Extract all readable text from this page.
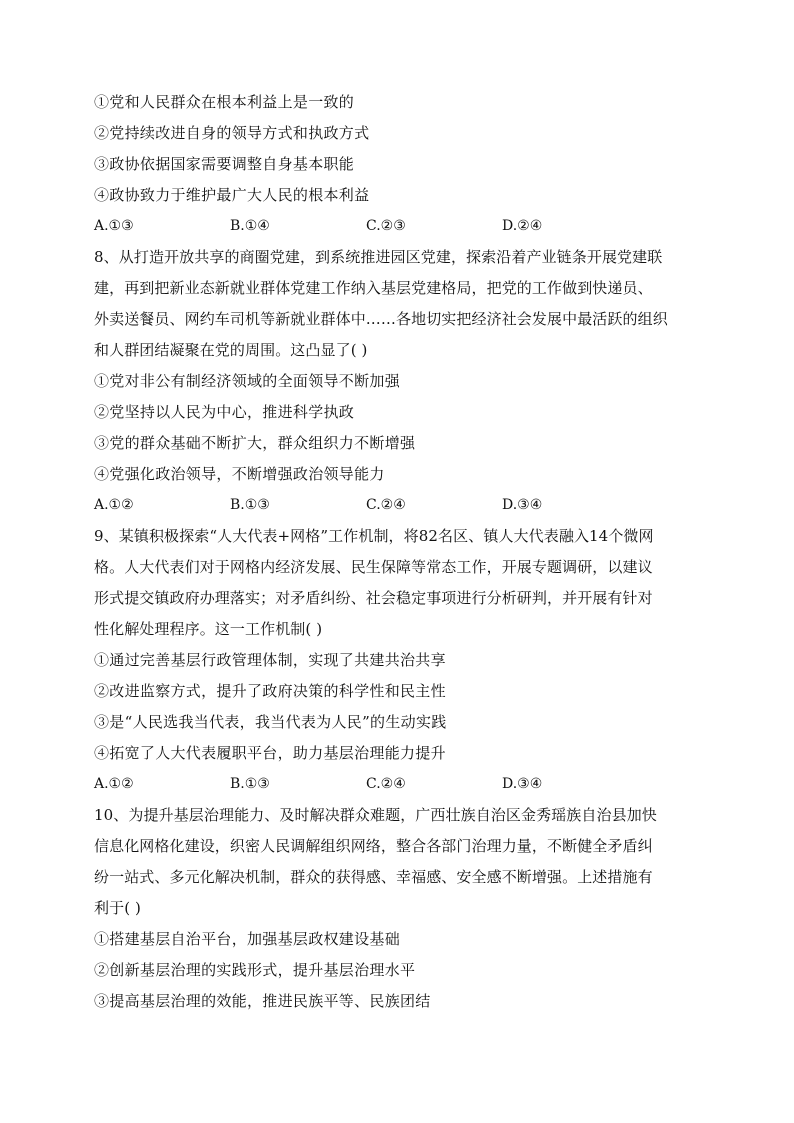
①党和人民群众在根本利益上是一致的
②党持续改进自身的领导方式和执政方式
③政协依据国家需要调整自身基本职能
④政协致力于维护最广大人民的根本利益
A.①③	B.①④	C.②③	D.②④
8、从打造开放共享的商圈党建，到系统推进园区党建，探索沿着产业链条开展党建联
建，再到把新业态新就业群体党建工作纳入基层党建格局，把党的工作做到快递员、
外卖送餐员、网约车司机等新就业群体中……各地切实把经济社会发展中最活跃的组织
和人群团结凝聚在党的周围。这凸显了( )
①党对非公有制经济领域的全面领导不断加强
②党坚持以人民为中心，推进科学执政
③党的群众基础不断扩大，群众组织力不断增强
④党强化政治领导，不断增强政治领导能力
A.①②	B.①③	C.②④	D.③④
9、某镇积极探索“人大代表+网格”工作机制，将82名区、镇人大代表融入14个微网
格。人大代表们对于网格内经济发展、民生保障等常态工作，开展专题调研，以建议
形式提交镇政府办理落实；对矛盾纠纷、社会稳定事项进行分析研判，并开展有针对
性化解处理程序。这一工作机制( )
①通过完善基层行政管理体制，实现了共建共治共享
②改进监察方式，提升了政府决策的科学性和民主性
③是“人民选我当代表，我当代表为人民”的生动实践
④拓宽了人大代表履职平台，助力基层治理能力提升
A.①②	B.①③	C.②④	D.③④
10、为提升基层治理能力、及时解决群众难题，广西壮族自治区金秀瑶族自治县加快
信息化网格化建设，织密人民调解组织网络，整合各部门治理力量，不断健全矛盾纠
纷一站式、多元化解决机制，群众的获得感、幸福感、安全感不断增强。上述措施有
利于( )
①搭建基层自治平台，加强基层政权建设基础
②创新基层治理的实践形式，提升基层治理水平
③提高基层治理的效能，推进民族平等、民族团结
